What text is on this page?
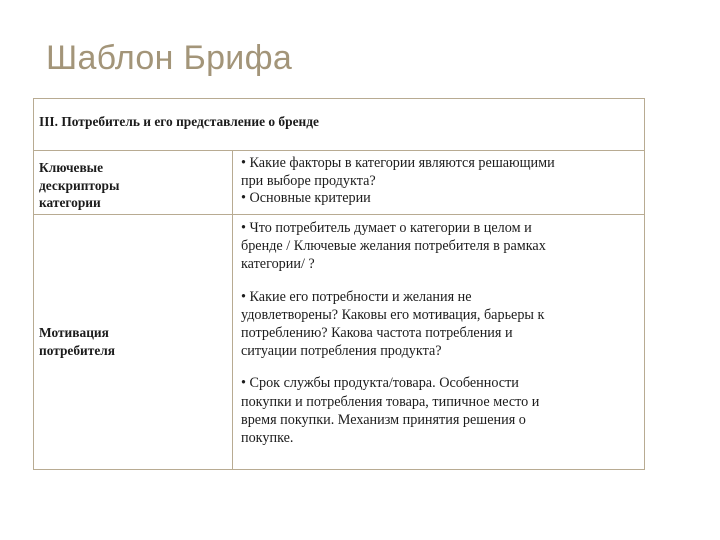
Шаблон Брифа
III. Потребитель и его представление о бренде
Ключевые
дескрипторы
категории
• Какие факторы в категории являются решающими
при выборе продукта?
• Основные критерии
Мотивация
потребителя
• Что потребитель думает о категории в целом и
бренде / Ключевые желания потребителя в рамках
категории/ ?
• Какие его потребности и желания не
удовлетворены? Каковы его мотивация, барьеры к
потреблению? Какова частота потребления и
ситуации потребления продукта?
• Срок службы продукта/товара. Особенности
покупки и потребления товара, типичное место и
время покупки. Механизм принятия решения о
покупке.
